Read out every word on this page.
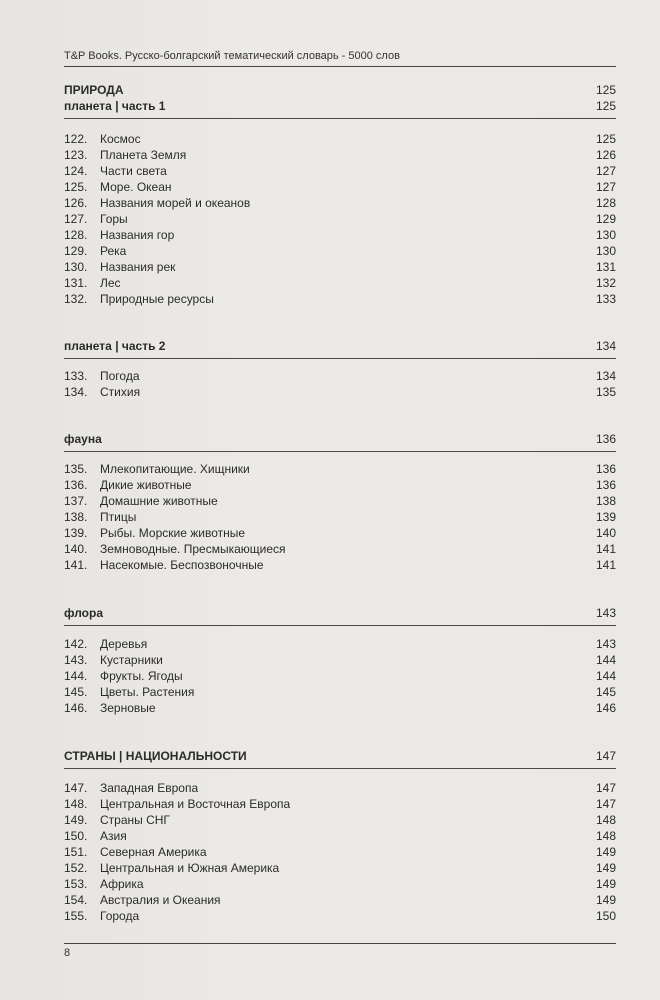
T&P Books. Русско-болгарский тематический словарь - 5000 слов
ПРИРОДА	125
планета | часть 1	125
122.	Космос	125
123.	Планета Земля	126
124.	Части света	127
125.	Море. Океан	127
126.	Названия морей и океанов	128
127.	Горы	129
128.	Названия гор	130
129.	Река	130
130.	Названия рек	131
131.	Лес	132
132.	Природные ресурсы	133
планета | часть 2	134
133.	Погода	134
134.	Стихия	135
фауна	136
135.	Млекопитающие. Хищники	136
136.	Дикие животные	136
137.	Домашние животные	138
138.	Птицы	139
139.	Рыбы. Морские животные	140
140.	Земноводные. Пресмыкающиеся	141
141.	Насекомые. Беспозвоночные	141
флора	143
142.	Деревья	143
143.	Кустарники	144
144.	Фрукты. Ягоды	144
145.	Цветы. Растения	145
146.	Зерновые	146
СТРАНЫ | НАЦИОНАЛЬНОСТИ	147
147.	Западная Европа	147
148.	Центральная и Восточная Европа	147
149.	Страны СНГ	148
150.	Азия	148
151.	Северная Америка	149
152.	Центральная и Южная Америка	149
153.	Африка	149
154.	Австралия и Океания	149
155.	Города	150
8
